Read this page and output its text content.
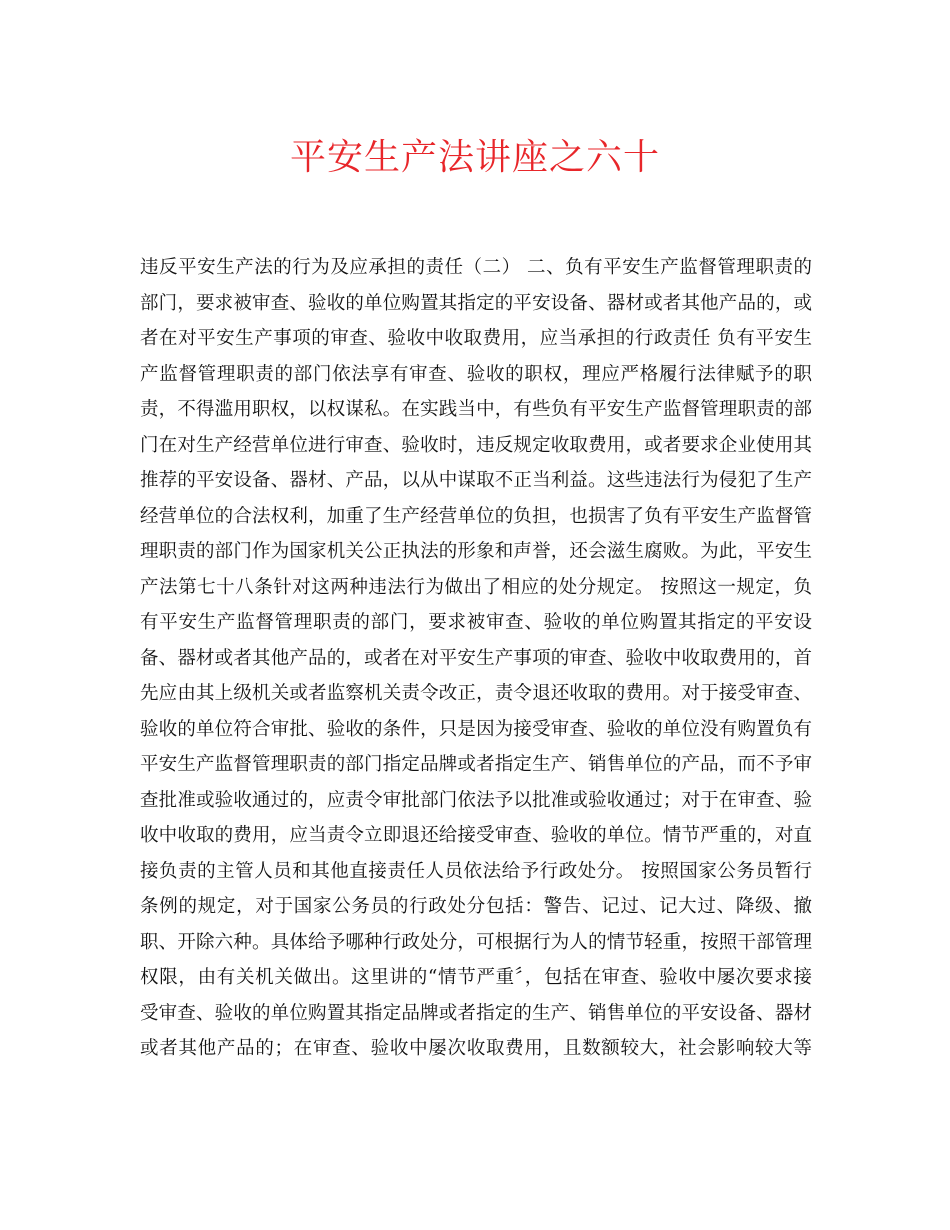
平安生产法讲座之六十
违反平安生产法的行为及应承担的责任（二） 二、负有平安生产监督管理职责的
部门，要求被审查、验收的单位购置其指定的平安设备、器材或者其他产品的，或
者在对平安生产事项的审查、验收中收取费用，应当承担的行政责任 负有平安生
产监督管理职责的部门依法享有审查、验收的职权，理应严格履行法律赋予的职
责，不得滥用职权，以权谋私。在实践当中，有些负有平安生产监督管理职责的部
门在对生产经营单位进行审查、验收时，违反规定收取费用，或者要求企业使用其
推荐的平安设备、器材、产品，以从中谋取不正当利益。这些违法行为侵犯了生产
经营单位的合法权利，加重了生产经营单位的负担，也损害了负有平安生产监督管
理职责的部门作为国家机关公正执法的形象和声誉，还会滋生腐败。为此，平安生
产法第七十八条针对这两种违法行为做出了相应的处分规定。 按照这一规定，负
有平安生产监督管理职责的部门，要求被审查、验收的单位购置其指定的平安设
备、器材或者其他产品的，或者在对平安生产事项的审查、验收中收取费用的，首
先应由其上级机关或者监察机关责令改正，责令退还收取的费用。对于接受审查、
验收的单位符合审批、验收的条件，只是因为接受审查、验收的单位没有购置负有
平安生产监督管理职责的部门指定品牌或者指定生产、销售单位的产品，而不予审
查批准或验收通过的，应责令审批部门依法予以批准或验收通过；对于在审查、验
收中收取的费用，应当责令立即退还给接受审查、验收的单位。情节严重的，对直
接负责的主管人员和其他直接责任人员依法给予行政处分。 按照国家公务员暂行
条例的规定，对于国家公务员的行政处分包括：警告、记过、记大过、降级、撤
职、开除六种。具体给予哪种行政处分，可根据行为人的情节轻重，按照干部管理
权限，由有关机关做出。这里讲的“情节严重〞，包括在审查、验收中屡次要求接
受审查、验收的单位购置其指定品牌或者指定的生产、销售单位的平安设备、器材
或者其他产品的；在审查、验收中屡次收取费用，且数额较大，社会影响较大等
